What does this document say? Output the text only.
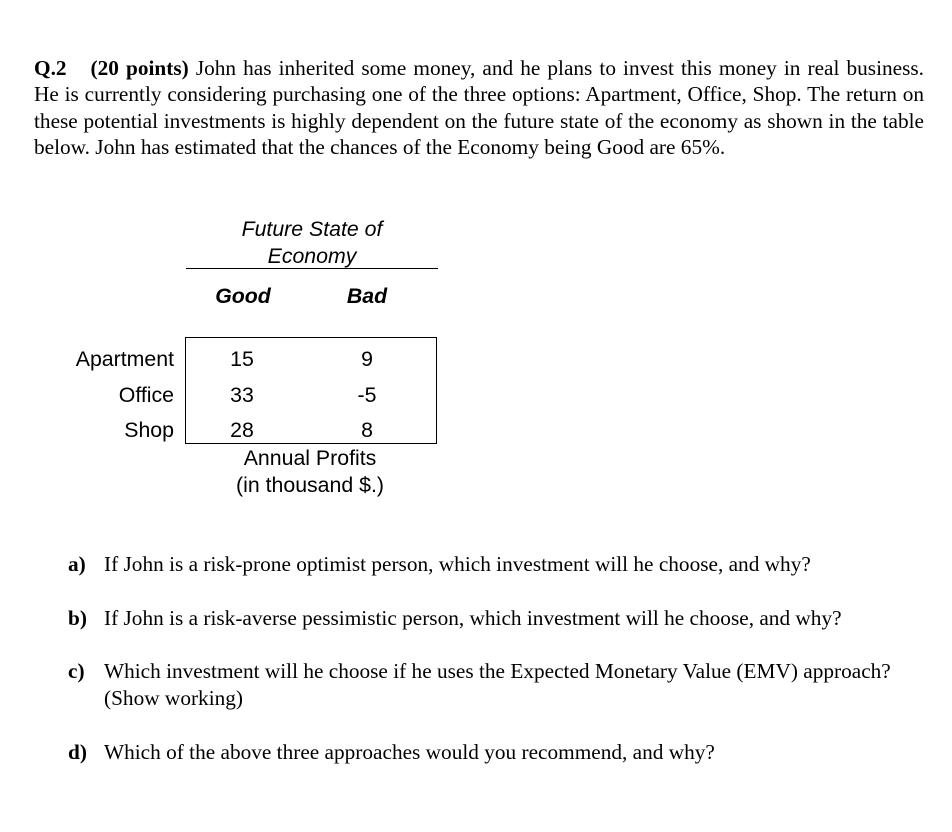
Q.2 (20 points) John has inherited some money, and he plans to invest this money in real business. He is currently considering purchasing one of the three options: Apartment, Office, Shop. The return on these potential investments is highly dependent on the future state of the economy as shown in the table below. John has estimated that the chances of the Economy being Good are 65%.
Future State of
Economy
Good	Bad
Apartment	15	9
Office	33	-5
Shop	28	8
Annual Profits
(in thousand $.)
a) If John is a risk-prone optimist person, which investment will he choose, and why?
b) If John is a risk-averse pessimistic person, which investment will he choose, and why?
c) Which investment will he choose if he uses the Expected Monetary Value (EMV) approach? (Show working)
d) Which of the above three approaches would you recommend, and why?
